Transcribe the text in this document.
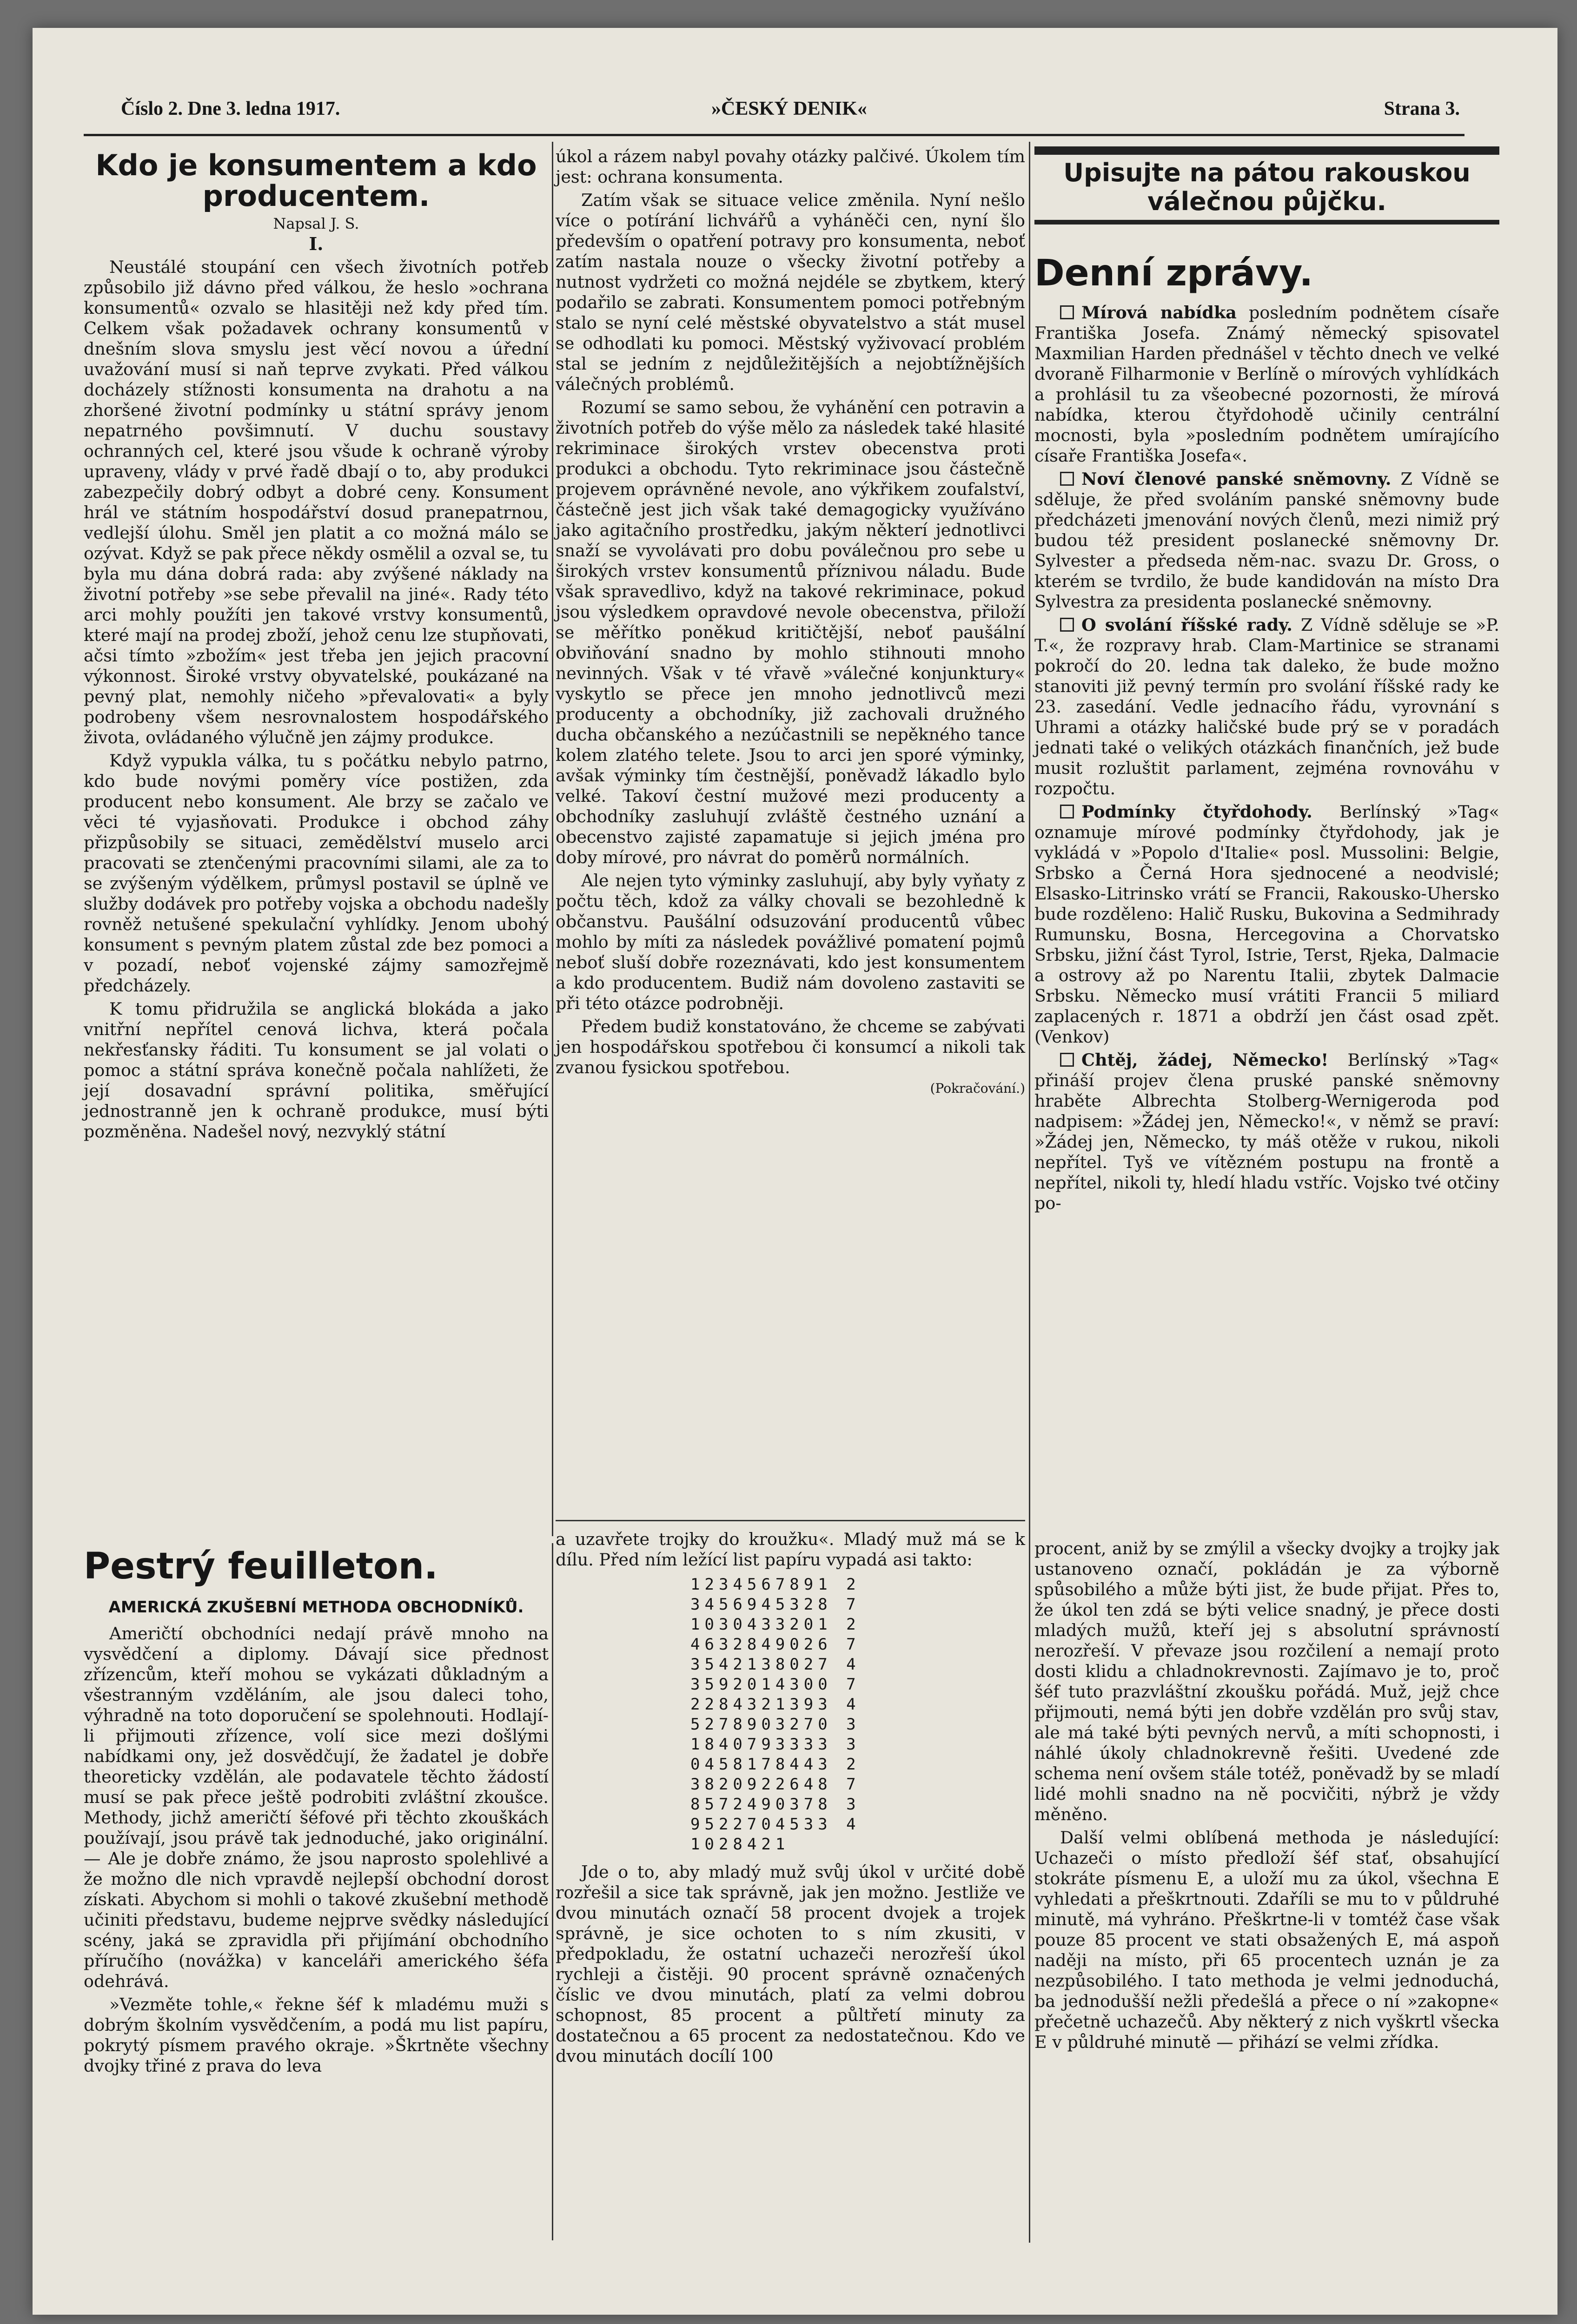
Číslo 2. Dne 3. ledna 1917.	»ČESKÝ DENIK«	Strana 3.
Kdo je konsumentem a kdo producentem.
Napsal J. S.
I.

Neustálé stoupání cen všech životních potřeb způsobilo již dávno před válkou, že heslo »ochrana konsumentů« ozvalo se hlasitěji než kdy před tím. Celkem však požadavek ochrany konsumentů v dnešním slova smyslu jest věcí novou a úřední uvažování musí si naň teprve zvykati. Před válkou docházely stížnosti konsumenta na drahotu a na zhoršené životní podmínky u státní správy jenom nepatrného povšimnutí. V duchu soustavy ochranných cel, které jsou všude k ochraně výroby upraveny, vlády v prvé řadě dbají o to, aby produkci zabezpečily dobrý odbyt a dobré ceny. Konsument hrál ve státním hospodářství dosud pranepatrnou, vedlejší úlohu. Směl jen platit a co možná málo se ozývat. Když se pak přece někdy osmělil a ozval se, tu byla mu dána dobrá rada: aby zvýšené náklady na životní potřeby »se sebe převalil na jiné«. Rady této arci mohly použíti jen takové vrstvy konsumentů, které mají na prodej zboží, jehož cenu lze stupňovati, ačsi tímto »zbožím« jest třeba jen jejich pracovní výkonnost. Široké vrstvy obyvatelské, poukázané na pevný plat, nemohly ničeho »převalovati« a byly podrobeny všem nesrovnalostem hospodářského života, ovládaného výlučně jen zájmy produkce.

Když vypukla válka, tu s počátku nebylo patrno, kdo bude novými poměry více postižen, zda producent nebo konsument. Ale brzy se začalo ve věci té vyjasňovati. Produkce i obchod záhy přizpůsobily se situaci, zemědělství muselo arci pracovati se ztenčenými pracovními silami, ale za to se zvýšeným výdělkem, průmysl postavil se úplně ve služby dodávek pro potřeby vojska a obchodu nadešly rovněž netušené spekulační vyhlídky. Jenom ubohý konsument s pevným platem zůstal zde bez pomoci a v pozadí, neboť vojenské zájmy samozřejmě předcházely.

K tomu přidružila se anglická blokáda a jako vnitřní nepřítel cenová lichva, která počala nekřesťansky řáditi. Tu konsument se jal volati o pomoc a státní správa konečně počala nahlížeti, že její dosavadní správní politika, směřující jednostranně jen k ochraně produkce, musí býti pozměněna. Nadešel nový, nezvyklý státní

Pestrý feuilleton.
AMERICKÁ ZKUŠEBNÍ METHODA OBCHODNÍKŮ.

Američtí obchodníci nedají právě mnoho na vysvědčení a diplomy. Dávají sice přednost zřízencům, kteří mohou se vykázati důkladným a všestranným vzděláním, ale jsou daleci toho, výhradně na toto doporučení se spolehnouti. Hodlají-li přijmouti zřízence, volí sice mezi došlými nabídkami ony, jež dosvědčují, že žadatel je dobře theoreticky vzdělán, ale podavatele těchto žádostí musí se pak přece ještě podrobiti zvláštní zkoušce. Methody, jichž američtí šéfové při těchto zkouškách používají, jsou právě tak jednoduché, jako originální. — Ale je dobře známo, že jsou naprosto spolehlivé a že možno dle nich vpravdě nejlepší obchodní dorost získati. Abychom si mohli o takové zkušební methodě učiniti představu, budeme nejprve svědky následující scény, jaká se zpravidla při přijímání obchodního příručího (novážka) v kanceláři amerického šéfa odehrává.

»Vezměte tohle,« řekne šéf k mladému muži s dobrým školním vysvědčením, a podá mu list papíru, pokrytý písmem pravého okraje. »Škrtněte všechny dvojky třiné z prava do leva

úkol a rázem nabyl povahy otázky palčivé. Úkolem tím jest: ochrana konsumenta.

Zatím však se situace velice změnila. Nyní nešlo více o potírání lichvářů a vyháněči cen, nyní šlo především o opatření potravy pro konsumenta, neboť zatím nastala nouze o všecky životní potřeby a nutnost vydržeti co možná nejdéle se zbytkem, který podařilo se zabrati. Konsumentem pomoci potřebným stalo se nyní celé městské obyvatelstvo a stát musel se odhodlati ku pomoci. Městský vyživovací problém stal se jedním z nejdůležitějších a nejobtížnějších válečných problémů.

Rozumí se samo sebou, že vyhánění cen potravin a životních potřeb do výše mělo za následek také hlasité rekriminace širokých vrstev obecenstva proti produkci a obchodu. Tyto rekriminace jsou částečně projevem oprávněné nevole, ano výkřikem zoufalství, částečně jest jich však také demagogicky využíváno jako agitačního prostředku, jakým některí jednotlivci snaží se vyvolávati pro dobu poválečnou pro sebe u širokých vrstev konsumentů příznivou náladu. Bude však spravedlivo, když na takové rekriminace, pokud jsou výsledkem opravdové nevole obecenstva, přiloží se měřítko poněkud kritičtější, neboť paušální obviňování snadno by mohlo stihnouti mnoho nevinných. Však v té vřavě »válečné konjunktury« vyskytlo se přece jen mnoho jednotlivců mezi producenty a obchodníky, již zachovali družného ducha občanského a nezúčastnili se nepěkného tance kolem zlatého telete. Jsou to arci jen sporé výminky, avšak výminky tím čestnější, poněvadž lákadlo bylo velké. Takoví čestní mužové mezi producenty a obchodníky zasluhují zvláště čestného uznání a obecenstvo zajisté zapamatuje si jejich jména pro doby mírové, pro návrat do poměrů normálních.

Ale nejen tyto výminky zasluhují, aby byly vyňaty z počtu těch, kdož za války chovali se bezohledně k občanstvu. Paušální odsuzování producentů vůbec mohlo by míti za následek povážlivé pomatení pojmů neboť sluší dobře rozeznávati, kdo jest konsumentem a kdo producentem. Budiž nám dovoleno zastaviti se při této otázce podrobněji.

Předem budiž konstatováno, že chceme se zabývati jen hospodářskou spotřebou či konsumcí a nikoli tak zvanou fysickou spotřebou.

(Pokračování.)

a uzavřete trojky do kroužku«. Mladý muž má se k dílu. Před ním ležící list papíru vypadá asi takto:

1234567891 2
3456945328 7
1030433201 2
4632849026 7
3542138027 4
3592014300 7
2284321393 4
5278903270 3
1840793333 3
0458178443 2
3820922648 7
8572490378 3
9522704533 4
1028421

Jde o to, aby mladý muž svůj úkol v určité době rozřešil a sice tak správně, jak jen možno. Jestliže ve dvou minutách označí 58 procent dvojek a trojek správně, je sice ochoten to s ním zkusiti, v předpokladu, že ostatní uchazeči nerozřeší úkol rychleji a čistěji. 90 procent správně označených číslic ve dvou minutách, platí za velmi dobrou schopnost, 85 procent a půltřetí minuty za dostatečnou a 65 procent za nedostatečnou. Kdo ve dvou minutách docílí 100

Upisujte na pátou rakouskou válečnou půjčku.
Denní zprávy.

Mírová nabídka posledním podnětem císaře Františka Josefa. Známý německý spisovatel Maxmilian Harden přednášel v těchto dnech ve velké dvoraně Filharmonie v Berlíně o mírových vyhlídkách a prohlásil tu za všeobecné pozornosti, že mírová nabídka, kterou čtyřdohodě učinily centrální mocnosti, byla »posledním podnětem umírajícího císaře Františka Josefa«.

Noví členové panské sněmovny. Z Vídně se sděluje, že před svoláním panské sněmovny bude předcházeti jmenování nových členů, mezi nimiž prý budou též president poslanecké sněmovny Dr. Sylvester a předseda něm-nac. svazu Dr. Gross, o kterém se tvrdilo, že bude kandidován na místo Dra Sylvestra za presidenta poslanecké sněmovny.

O svolání říšské rady. Z Vídně sděluje se »P. T.«, že rozpravy hrab. Clam-Martinice se stranami pokročí do 20. ledna tak daleko, že bude možno stanoviti již pevný termín pro svolání říšské rady ke 23. zasedání. Vedle jednacího řádu, vyrovnání s Uhrami a otázky haličské bude prý se v poradách jednati také o velikých otázkách finančních, jež bude musit rozluštit parlament, zejména rovnováhu v rozpočtu.

Podmínky čtyřdohody. Berlínský »Tag« oznamuje mírové podmínky čtyřdohody, jak je vykládá v »Popolo d'Italie« posl. Mussolini: Belgie, Srbsko a Černá Hora sjednocené a neodvislé; Elsasko-Litrinsko vrátí se Francii, Rakousko-Uhersko bude rozděleno: Halič Rusku, Bukovina a Sedmihrady Rumunsku, Bosna, Hercegovina a Chorvatsko Srbsku, jižní část Tyrol, Istrie, Terst, Rjeka, Dalmacie a ostrovy až po Narentu Italii, zbytek Dalmacie Srbsku. Německo musí vrátiti Francii 5 miliard zaplacených r. 1871 a obdrží jen část osad zpět. (Venkov)

Chtěj, žádej, Německo! Berlínský »Tag« přináší projev člena pruské panské sněmovny hraběte Albrechta Stolberg-Wernigeroda pod nadpisem: »Žádej jen, Německo!«, v němž se praví: »Žádej jen, Německo, ty máš otěže v rukou, nikoli nepřítel. Tyš ve vítězném postupu na frontě a nepřítel, nikoli ty, hledí hladu vstříc. Vojsko tvé otčiny po-

procent, aniž by se zmýlil a všecky dvojky a trojky jak ustanoveno označí, pokládán je za výborně spůsobilého a může býti jist, že bude přijat. Přes to, že úkol ten zdá se býti velice snadný, je přece dosti mladých mužů, kteří jej s absolutní správností nerozřeší. V převaze jsou rozčilení a nemají proto dosti klidu a chladnokrevnosti. Zajímavo je to, proč šéf tuto prazvláštní zkoušku pořádá. Muž, jejž chce přijmouti, nemá býti jen dobře vzdělán pro svůj stav, ale má také býti pevných nervů, a míti schopnosti, i náhlé úkoly chladnokrevně řešiti. Uvedené zde schema není ovšem stále totéž, poněvadž by se mladí lidé mohli snadno na ně pocvičiti, nýbrž je vždy měněno.

Další velmi oblíbená methoda je následující: Uchazeči o místo předloží šéf stať, obsahující stokráte písmenu E, a uloží mu za úkol, všechna E vyhledati a přeškrtnouti. Zdaříli se mu to v půldruhé minutě, má vyhráno. Přeškrtne-li v tomtéž čase však pouze 85 procent ve stati obsažených E, má aspoň naději na místo, při 65 procentech uznán je za nezpůsobilého. I tato methoda je velmi jednoduchá, ba jednodušší nežli předešlá a přece o ní »zakopne« přečetně uchazečů. Aby některý z nich vyškrtl všecka E v půldruhé minutě — přihází se velmi zřídka.
